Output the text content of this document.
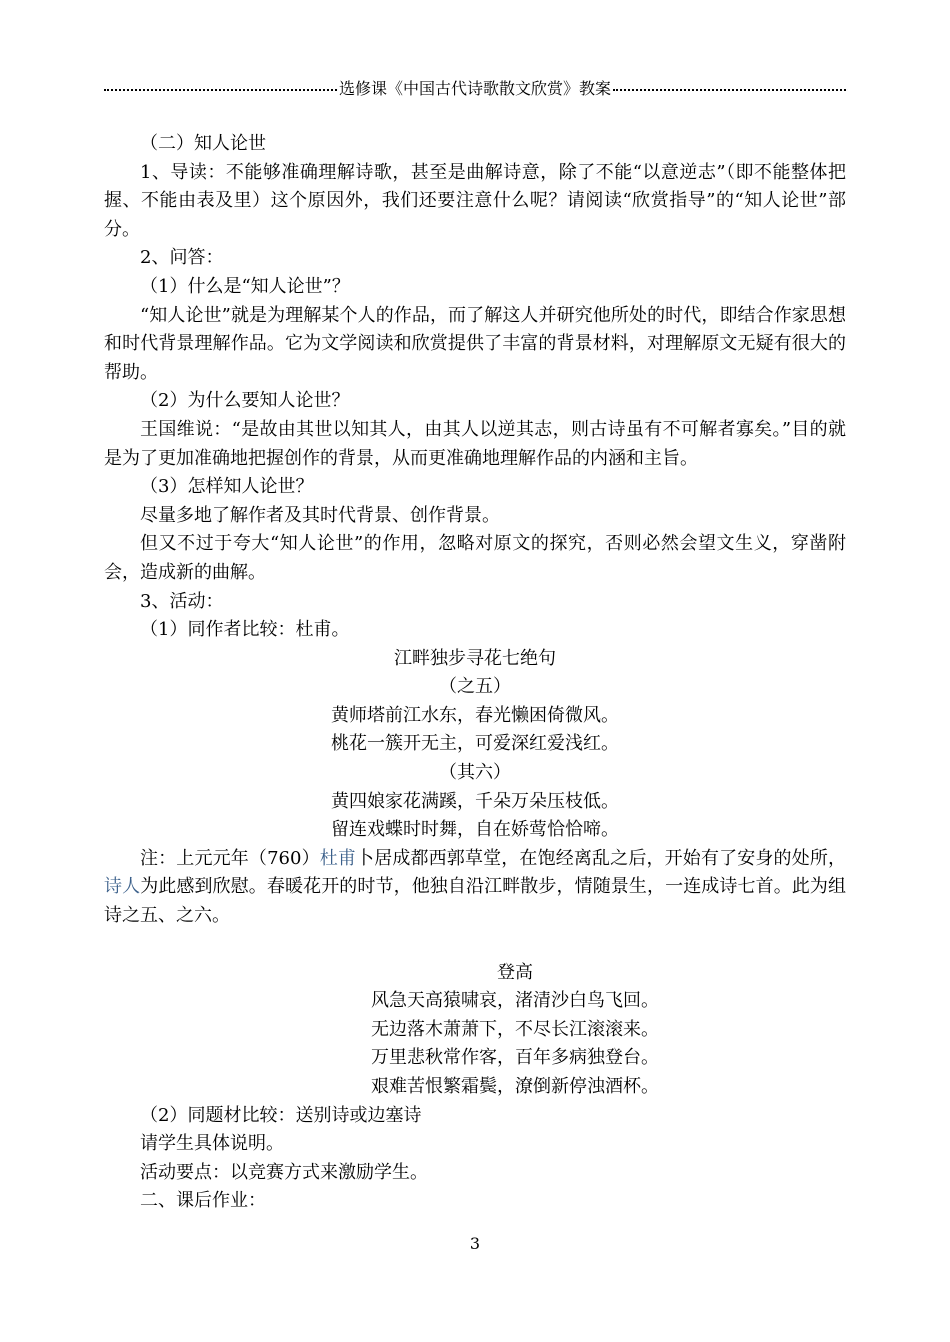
选修课《中国古代诗歌散文欣赏》教案

（二）知人论世

1、导读：不能够准确理解诗歌，甚至是曲解诗意，除了不能“以意逆志”（即不能整体把握、不能由表及里）这个原因外，我们还要注意什么呢？请阅读“欣赏指导”的“知人论世”部分。

2、问答：

（1）什么是“知人论世”？

“知人论世”就是为理解某个人的作品，而了解这人并研究他所处的时代，即结合作家思想和时代背景理解作品。它为文学阅读和欣赏提供了丰富的背景材料，对理解原文无疑有很大的帮助。

（2）为什么要知人论世？

王国维说：“是故由其世以知其人，由其人以逆其志，则古诗虽有不可解者寡矣。”目的就是为了更加准确地把握创作的背景，从而更准确地理解作品的内涵和主旨。

（3）怎样知人论世？

尽量多地了解作者及其时代背景、创作背景。

但又不过于夸大“知人论世”的作用，忽略对原文的探究，否则必然会望文生义，穿凿附会，造成新的曲解。

3、活动：

（1）同作者比较：杜甫。

江畔独步寻花七绝句

（之五）

黄师塔前江水东，春光懒困倚微风。

桃花一簇开无主，可爱深红爱浅红。

（其六）

黄四娘家花满蹊，千朵万朵压枝低。

留连戏蝶时时舞，自在娇莺恰恰啼。

注：上元元年（760）杜甫卜居成都西郭草堂，在饱经离乱之后，开始有了安身的处所，诗人为此感到欣慰。春暖花开的时节，他独自沿江畔散步，情随景生，一连成诗七首。此为组诗之五、之六。

登高

风急天高猿啸哀，渚清沙白鸟飞回。

无边落木萧萧下，不尽长江滚滚来。

万里悲秋常作客，百年多病独登台。

艰难苦恨繁霜鬓，潦倒新停浊酒杯。

（2）同题材比较：送别诗或边塞诗

请学生具体说明。

活动要点：以竞赛方式来激励学生。

二、课后作业：

3
